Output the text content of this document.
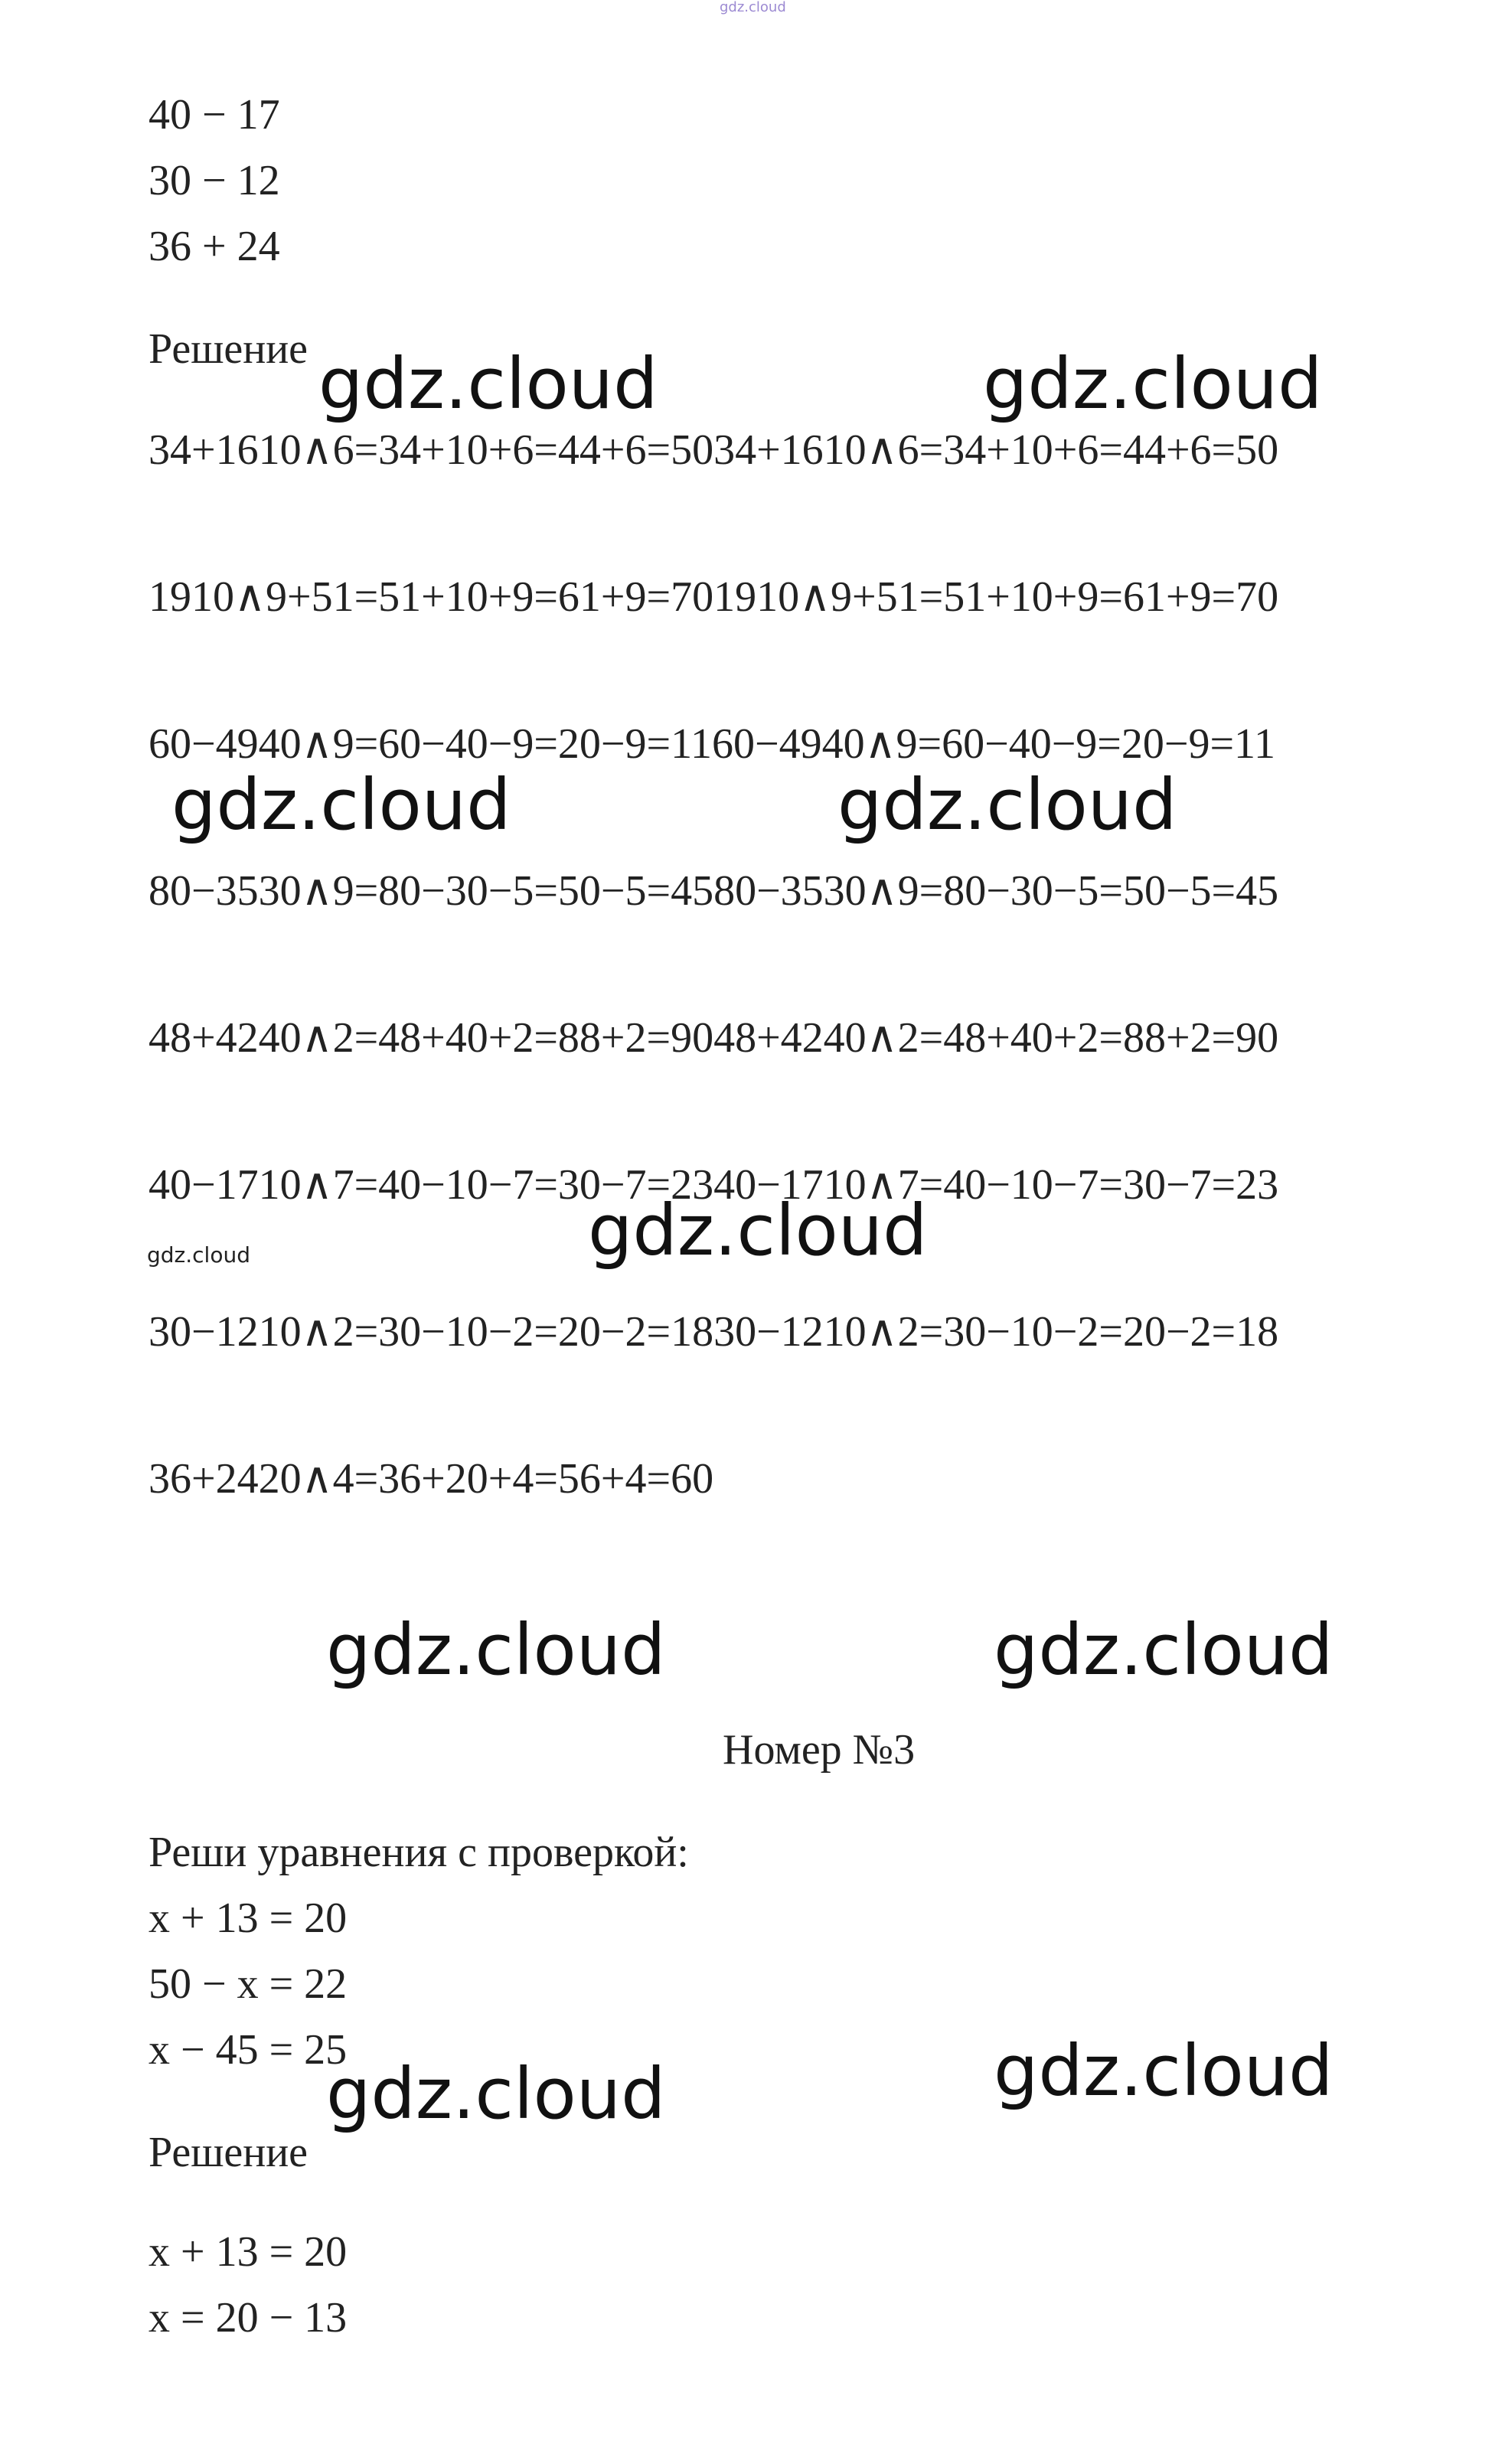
gdz.cloud

40 − 17

30 − 12

36 + 24

Решение

34+1610∧6=34+10+6=44+6=5034+1610∧6=34+10+6=44+6=50

1910∧9+51=51+10+9=61+9=701910∧9+51=51+10+9=61+9=70

60−4940∧9=60−40−9=20−9=1160−4940∧9=60−40−9=20−9=11

80−3530∧9=80−30−5=50−5=4580−3530∧9=80−30−5=50−5=45

48+4240∧2=48+40+2=88+2=9048+4240∧2=48+40+2=88+2=90

40−1710∧7=40−10−7=30−7=2340−1710∧7=40−10−7=30−7=23

30−1210∧2=30−10−2=20−2=1830−1210∧2=30−10−2=20−2=18

36+2420∧4=36+20+4=56+4=60

Номер №3

Реши уравнения с проверкой:

x + 13 = 20

50 − x = 22

x − 45 = 25

Решение

x + 13 = 20

x = 20 − 13

gdz.cloud	gdz.cloud

gdz.cloud	gdz.cloud

gdz.cloud

gdz.cloud

gdz.cloud	gdz.cloud

gdz.cloud

gdz.cloud
